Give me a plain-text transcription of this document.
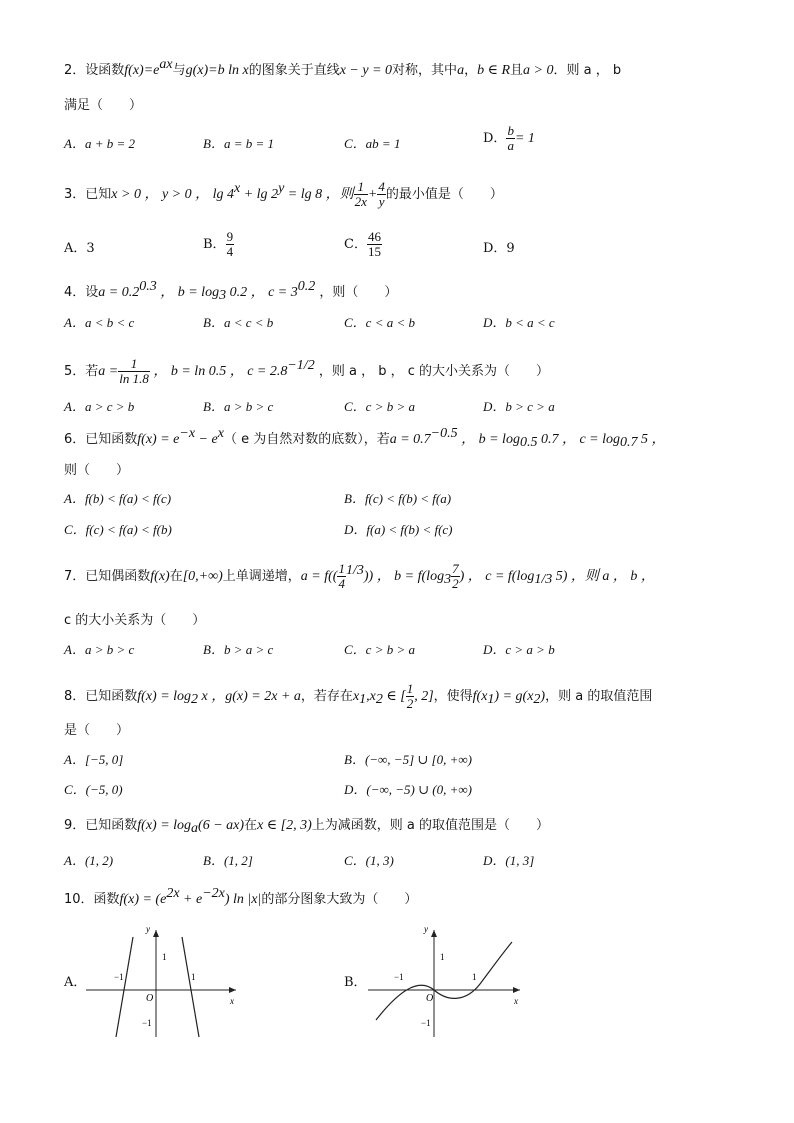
2．设函数$f(x)=e^{ax}$与g(x)=b ln x的图象关于直线x − y = 0对称，其中a，b ∈ R且a > 0．则 a ， b
满足（　　）
A．a + b = 2	B．a = b = 1	C．ab = 1	D． $\frac{b}{a} = 1$
3．已知x > 0 ， y > 0 ， $\lg 4^x + \lg 2^y = \lg 8$ ，则 $\frac{1}{2x} + \frac{4}{y}$ 的最小值是（　　）
A．3	B． $\frac{9}{4}$	C． $\frac{46}{15}$	D．9
4．设$a = 0.2^{0.3}$ ， $b = \log_3 0.2$ ， $c = 3^{0.2}$ ，则（　　）
A．a < b < c	B．a < c < b	C．c < a < b	D．b < a < c
5．若$a = \frac{1}{\ln 1.8}$ ， b = ln 0.5 ， $c = 2.8^{-1/2}$ ，则 a ， b ， c 的大小关系为（　　）
A．a > c > b	B．a > b > c	C．c > b > a	D．b > c > a
6．已知函数$f(x) = e^{-x} - e^x$（ e 为自然对数的底数），若$a = 0.7^{-0.5}$ ， $b = \log_{0.5} 0.7$ ， $c = \log_{0.7} 5$ ，
则（　　）
A．f(b) < f(a) < f(c)	B．f(c) < f(b) < f(a)
C．f(c) < f(a) < f(b)	D．f(a) < f(b) < f(c)
7．已知偶函数f(x)在[0,+∞)上单调递增，$a = f(( \frac{1}{4} ^{1/3}))$ ， $b = f(\log_3 \frac{7}{2}$ ) ， $c = f(\log_{1/3}$ 5) ，则 a ， b ，
c 的大小关系为（　　）
A．a > b > c	B．b > a > c	C．c > b > a	D．c > a > b
8．已知函数$f(x) = \log_2 x$ ，g(x) = 2x + a，若存在$x_1,x_2$ ∈ [ $\frac{1}{2}$ , 2]，使得$f(x_1) = g(x_2)$，则 a 的取值范围
是（　　）
A．[−5, 0]	B．(−∞, −5] ∪ [0, +∞)
C．(−5, 0)	D．(−∞, −5) ∪ (0, +∞)
9．已知函数$f(x) = \log_a(6 - ax)$在x ∈ [2, 3)上为减函数，则 a 的取值范围是（　　）
A．(1, 2)	B．(1, 2]	C．(1, 3)	D．(1, 3]
10．函数$f(x) = (e^{2x} + e^{-2x})$ ln |x|的部分图象大致为（　　）
A．
y
x
O
1
−1
−1	1	B．
y
x
O
1
−1
−1	1
